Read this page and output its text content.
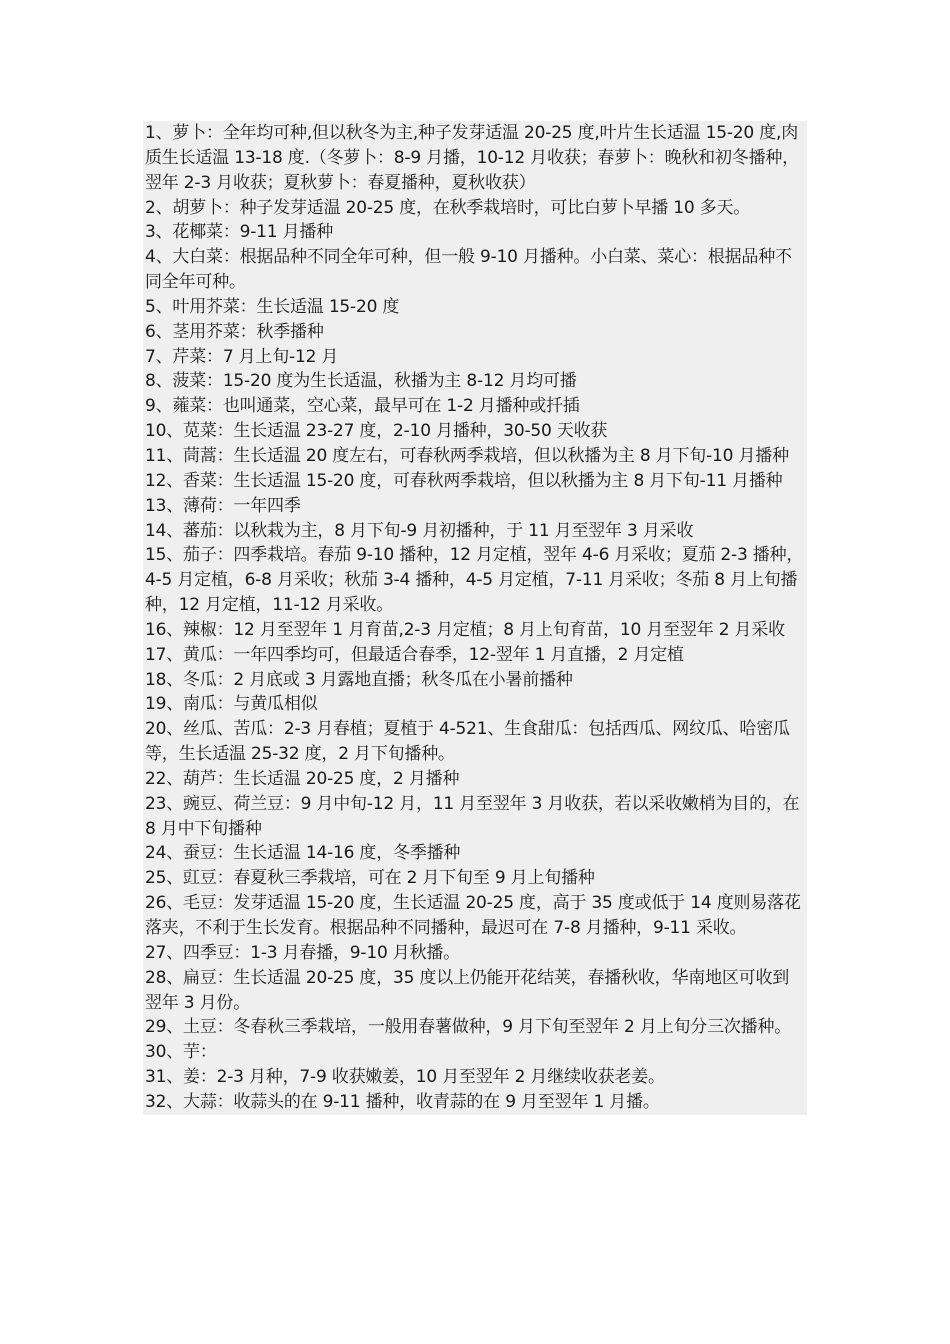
1、萝卜：全年均可种,但以秋冬为主,种子发芽适温 20-25 度,叶片生长适温 15-20 度,肉质生长适温 13-18 度.（冬萝卜：8-9 月播，10-12 月收获；春萝卜：晚秋和初冬播种，翌年 2-3 月收获；夏秋萝卜：春夏播种，夏秋收获）

2、胡萝卜：种子发芽适温 20-25 度，在秋季栽培时，可比白萝卜早播 10 多天。

3、花椰菜：9-11 月播种

4、大白菜：根据品种不同全年可种，但一般 9-10 月播种。小白菜、菜心：根据品种不同全年可种。

5、叶用芥菜：生长适温 15-20 度

6、茎用芥菜：秋季播种

7、芹菜：7 月上旬-12 月

8、菠菜：15-20 度为生长适温，秋播为主 8-12 月均可播

9、蕹菜：也叫通菜，空心菜，最早可在 1-2 月播种或扦插

10、苋菜：生长适温 23-27 度，2-10 月播种，30-50 天收获

11、茼蒿：生长适温 20 度左右，可春秋两季栽培，但以秋播为主 8 月下旬-10 月播种

12、香菜：生长适温 15-20 度，可春秋两季栽培，但以秋播为主 8 月下旬-11 月播种

13、薄荷：一年四季

14、蕃茄：以秋栽为主，8 月下旬-9 月初播种，于 11 月至翌年 3 月采收

15、茄子：四季栽培。春茄 9-10 播种，12 月定植，翌年 4-6 月采收；夏茄 2-3 播种，4-5 月定植，6-8 月采收；秋茄 3-4 播种，4-5 月定植，7-11 月采收；冬茄 8 月上旬播种，12 月定植，11-12 月采收。

16、辣椒：12 月至翌年 1 月育苗,2-3 月定植；8 月上旬育苗，10 月至翌年 2 月采收

17、黄瓜：一年四季均可，但最适合春季，12-翌年 1 月直播，2 月定植

18、冬瓜：2 月底或 3 月露地直播；秋冬瓜在小暑前播种

19、南瓜：与黄瓜相似

20、丝瓜、苦瓜：2-3 月春植；夏植于 4-521、生食甜瓜：包括西瓜、网纹瓜、哈密瓜等，生长适温 25-32 度，2 月下旬播种。

22、葫芦：生长适温 20-25 度，2 月播种

23、豌豆、荷兰豆：9 月中旬-12 月，11 月至翌年 3 月收获，若以采收嫩梢为目的，在 8 月中下旬播种

24、蚕豆：生长适温 14-16 度，冬季播种

25、豇豆：春夏秋三季栽培，可在 2 月下旬至 9 月上旬播种

26、毛豆：发芽适温 15-20 度，生长适温 20-25 度，高于 35 度或低于 14 度则易落花落夹，不利于生长发育。根据品种不同播种，最迟可在 7-8 月播种，9-11 采收。

27、四季豆：1-3 月春播，9-10 月秋播。

28、扁豆：生长适温 20-25 度，35 度以上仍能开花结荚，春播秋收，华南地区可收到翌年 3 月份。

29、土豆：冬春秋三季栽培，一般用春薯做种，9 月下旬至翌年 2 月上旬分三次播种。

30、芋：

31、姜：2-3 月种，7-9 收获嫩姜，10 月至翌年 2 月继续收获老姜。

32、大蒜：收蒜头的在 9-11 播种，收青蒜的在 9 月至翌年 1 月播。
